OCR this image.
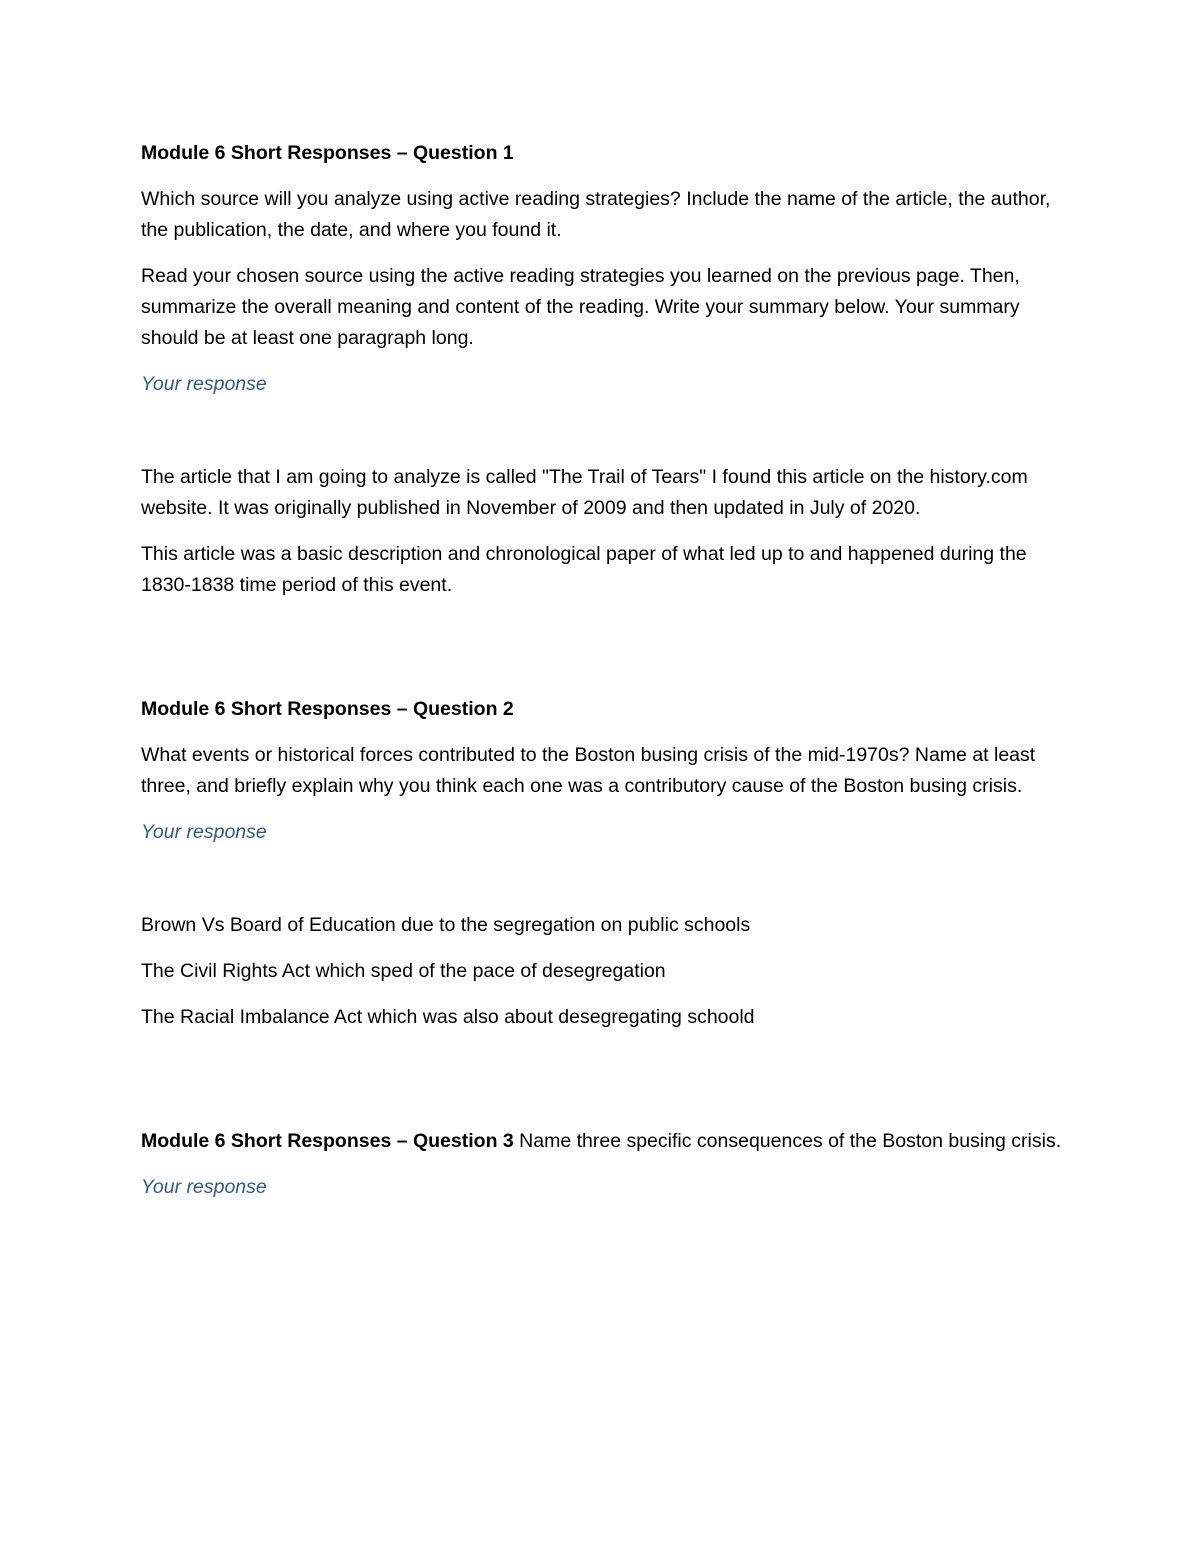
Module 6 Short Responses – Question 1

Which source will you analyze using active reading strategies? Include the name of the article, the author, the publication, the date, and where you found it.

Read your chosen source using the active reading strategies you learned on the previous page. Then, summarize the overall meaning and content of the reading. Write your summary below. Your summary should be at least one paragraph long.

Your response

The article that I am going to analyze is called "The Trail of Tears" I found this article on the history.com website. It was originally published in November of 2009 and then updated in July of 2020.

This article was a basic description and chronological paper of what led up to and happened during the 1830-1838 time period of this event.

Module 6 Short Responses – Question 2

What events or historical forces contributed to the Boston busing crisis of the mid-1970s? Name at least three, and briefly explain why you think each one was a contributory cause of the Boston busing crisis.

Your response

Brown Vs Board of Education due to the segregation on public schools

The Civil Rights Act which sped of the pace of desegregation

The Racial Imbalance Act which was also about desegregating schoold

Module 6 Short Responses – Question 3 Name three specific consequences of the Boston busing crisis.

Your response
